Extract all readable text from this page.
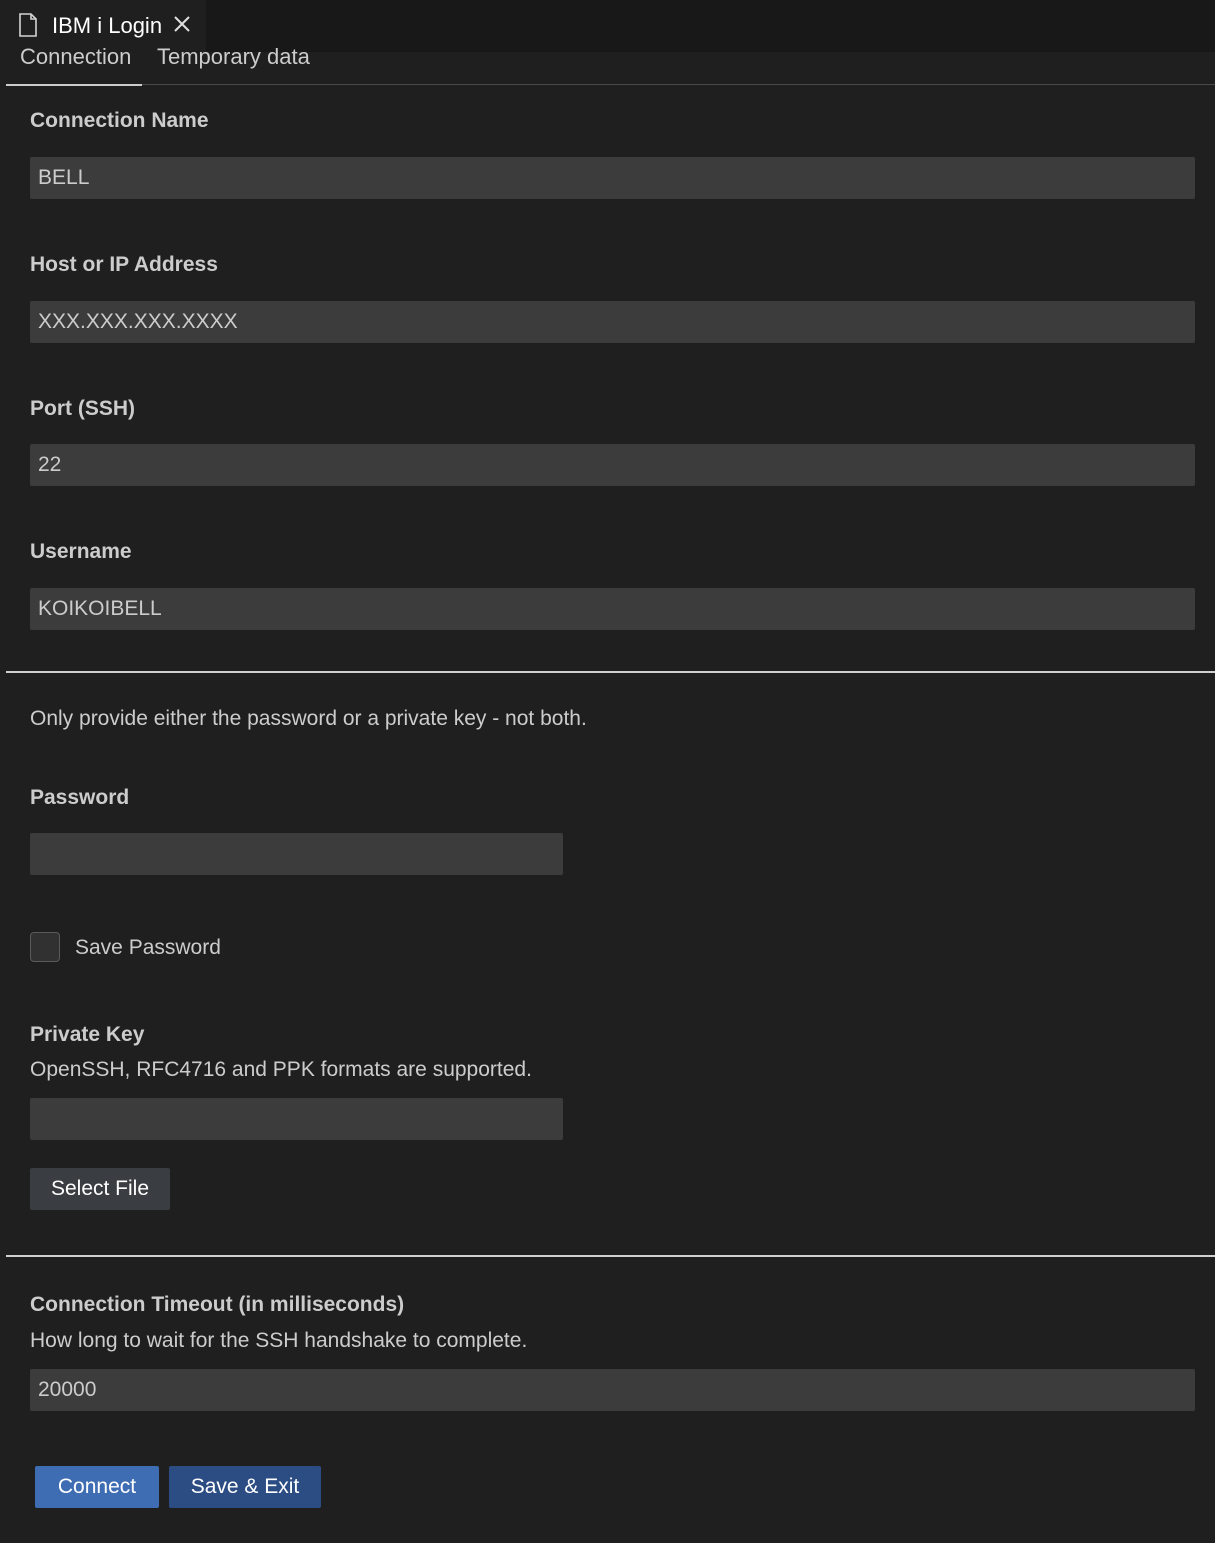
IBM i Login
Connection Temporary data
Connection Name
BELL
Host or IP Address
XXX.XXX.XXX.XXXX
Port (SSH)
22
Username
KOIKOIBELL
Only provide either the password or a private key - not both.
Password
Save Password
Private Key
OpenSSH, RFC4716 and PPK formats are supported.
Select File
Connection Timeout (in milliseconds)
How long to wait for the SSH handshake to complete.
20000
Connect	Save & Exit
